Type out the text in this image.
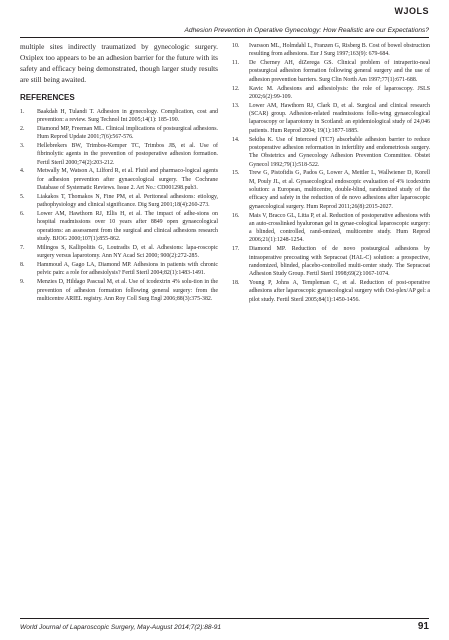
WJOLS
Adhesion Prevention in Operative Gynecology: How Realistic are our Expectations?

multiple sites indirectly traumatized by gynecologic surgery. Oxiplex too appears to be an adhesion barrier for the future with its safety and efficacy being demonstrated, though larger study results are still being awaited.

REFERENCES
1.	Baakdah H, Tulandi T. Adhesion in gynecology. Complication, cost and prevention: a review. Surg Technol Int 2005;14(1): 185-190.
2.	Diamond MP, Freeman ML. Clinical implications of postsurgical adhesions. Hum Reprod Update 2001;7(6):567-576.
3.	Hellebrekers BW, Trimbos-Kemper TC, Trimbos JB, et al. Use of fibrinolytic agents in the prevention of postoperative adhesion formation. Fertil Steril 2000;74(2):203-212.
4.	Metwally M, Watson A, Lilford R, et al. Fluid and pharmaco-logical agents for adhesion prevention after gynaecological surgery. The Cochrane Database of Systematic Reviews. Issue 2. Art No.: CD001298.pub3.
5.	Liakakos T, Thomakos N, Fine PM, et al. Peritoneal adhesions: etiology, pathophysiology and clinical significance. Dig Surg 2001;18(4):260-273.
6.	Lower AM, Hawthorn RJ, Ellis H, et al. The impact of adhe-sions on hospital readmissions over 10 years after 8849 open gynaecological operations: an assessment from the surgical and clinical adhesions research study. BJOG 2000;107(1):855-862.
7.	Milingos S, Kallipolitis G, Loutradis D, et al. Adhesions: lapa-roscopic surgery versus laparotomy. Ann NY Acad Sci 2000; 900(2):272-285.
8.	Hammoud A, Gago LA, Diamond MP. Adhesions in patients with chronic pelvic pain: a role for adhesiolysis? Fertil Steril 2004;82(1):1483-1491.
9.	Menzies D, Hildago Pascual M, et al. Use of icodextrin 4% solu-tion in the prevention of adhesion formation following general surgery: from the multicentre ARIEL registry. Ann Roy Coll Surg Engl 2006;88(3):375-382.
10.	Ivarsson ML, Holmdahl L, Franzen G, Risberg B. Cost of bowel obstruction resulting from adhesions. Eur J Surg 1997;163(9): 679-684.
11.	De Cherney AH, diZerega GS. Clinical problem of intraperito-neal postsurgical adhesion formation following general surgery and the use of adhesion prevention barriers. Surg Clin North Am 1997;77(1):671-688.
12.	Kavic M. Adhesions and adhesiolysis: the role of laparoscopy. JSLS 2002;6(2):99-109.
13.	Lower AM, Hawthorn RJ, Clark D, et al. Surgical and clinical research (SCAR) group. Adhesion-related readmissions follo-wing gynaecological laparoscopy or laparotomy in Scotland: an epidemiological study of 24,046 patients. Hum Reprod 2004; 19(1):1877-1885.
14.	Sekiba K. Use of Interceed (TC7) absorbable adhesion barrier to reduce postoperative adhesion reformation in infertility and endometriosis surgery. The Obstetrics and Gynecology Adhesion Prevention Committee. Obstet Gynecol 1992;79(1):518-522.
15.	Trew G, Pistofidis G, Pados G, Lower A, Mettler L, Wallwiener D, Korell M, Pouly JL, et al. Gynaecological endoscopic evaluation of 4% icodextrin solution: a European, multicentre, double-blind, randomized study of the efficacy and safety in the reduction of de novo adhesions after laparoscopic gynaecological surgery. Hum Reprod 2011;26(8):2015-2027.
16.	Mais V, Bracco GL, Litta P, et al. Reduction of postoperative adhesions with an auto-crosslinked hyaluronan gel in gynae-cological laparoscopic surgery: a blinded, controlled, rand-omized, multicentre study. Hum Reprod 2006;21(1):1248-1254.
17.	Diamond MP. Reduction of de novo postsurgical adhesions by intraoperative precoating with Sepracoat (HAL-C) solution: a prospective, randomized, blinded, placebo-controlled multi-center study. The Sepracoat Adhesion Study Group. Fertil Steril 1998;69(2):1067-1074.
18.	Young P, Johns A, Templeman C, et al. Reduction of post-operative adhesions after laparoscopic gynaecological surgery with Oxi-plex/AP gel: a pilot study. Fertil Steril 2005;84(1):1450-1456.
World Journal of Laparoscopic Surgery, May-August 2014;7(2):88-91	91
